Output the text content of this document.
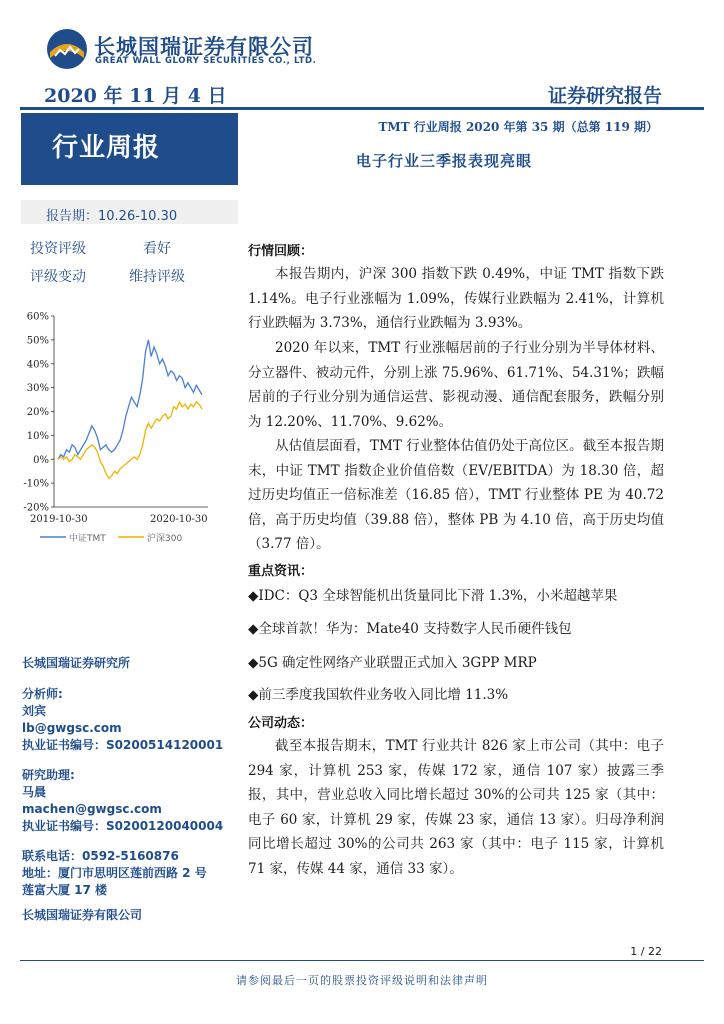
长城国瑞证券有限公司
GREAT WALL GLORY SECURITIES CO., LTD.
2020 年 11 月 4 日	证券研究报告
行业周报
报告期：10.26-10.30
投资评级	看好
评级变动	维持评级
60%
50%
40%
30%
20%
10%
0%
-10%
-20%
2019-10-30	2020-10-30
中证TMT	沪深300
长城国瑞证券研究所
分析师:
刘宾
lb@gwgsc.com
执业证书编号：S0200514120001
研究助理:
马晨
machen@gwgsc.com
执业证书编号：S0200120040004
联系电话：0592-5160876
地址：厦门市思明区莲前西路 2 号
莲富大厦 17 楼
长城国瑞证券有限公司
TMT 行业周报 2020 年第 35 期（总第 119 期）
电子行业三季报表现亮眼
行情回顾：
本报告期内，沪深 300 指数下跌 0.49%，中证 TMT 指数下跌 1.14%。电子行业涨幅为 1.09%，传媒行业跌幅为 2.41%，计算机行业跌幅为 3.73%，通信行业跌幅为 3.93%。
2020 年以来，TMT 行业涨幅居前的子行业分别为半导体材料、分立器件、被动元件，分别上涨 75.96%、61.71%、54.31%；跌幅居前的子行业分别为通信运营、影视动漫、通信配套服务，跌幅分别为 12.20%、11.70%、9.62%。
从估值层面看，TMT 行业整体估值仍处于高位区。截至本报告期末，中证 TMT 指数企业价值倍数（EV/EBITDA）为 18.30 倍，超过历史均值正一倍标准差（16.85 倍），TMT 行业整体 PE 为 40.72 倍，高于历史均值（39.88 倍），整体 PB 为 4.10 倍，高于历史均值（3.77 倍）。
重点资讯：
◆IDC：Q3 全球智能机出货量同比下滑 1.3%，小米超越苹果
◆全球首款！华为：Mate40 支持数字人民币硬件钱包
◆5G 确定性网络产业联盟正式加入 3GPP MRP
◆前三季度我国软件业务收入同比增 11.3%
公司动态：
截至本报告期末，TMT 行业共计 826 家上市公司（其中：电子 294 家，计算机 253 家，传媒 172 家，通信 107 家）披露三季报，其中，营业总收入同比增长超过 30%的公司共 125 家（其中：电子 60 家，计算机 29 家，传媒 23 家，通信 13 家）。归母净利润同比增长超过 30%的公司共 263 家（其中：电子 115 家，计算机 71 家，传媒 44 家，通信 33 家）。
1 / 22
请参阅最后一页的股票投资评级说明和法律声明
